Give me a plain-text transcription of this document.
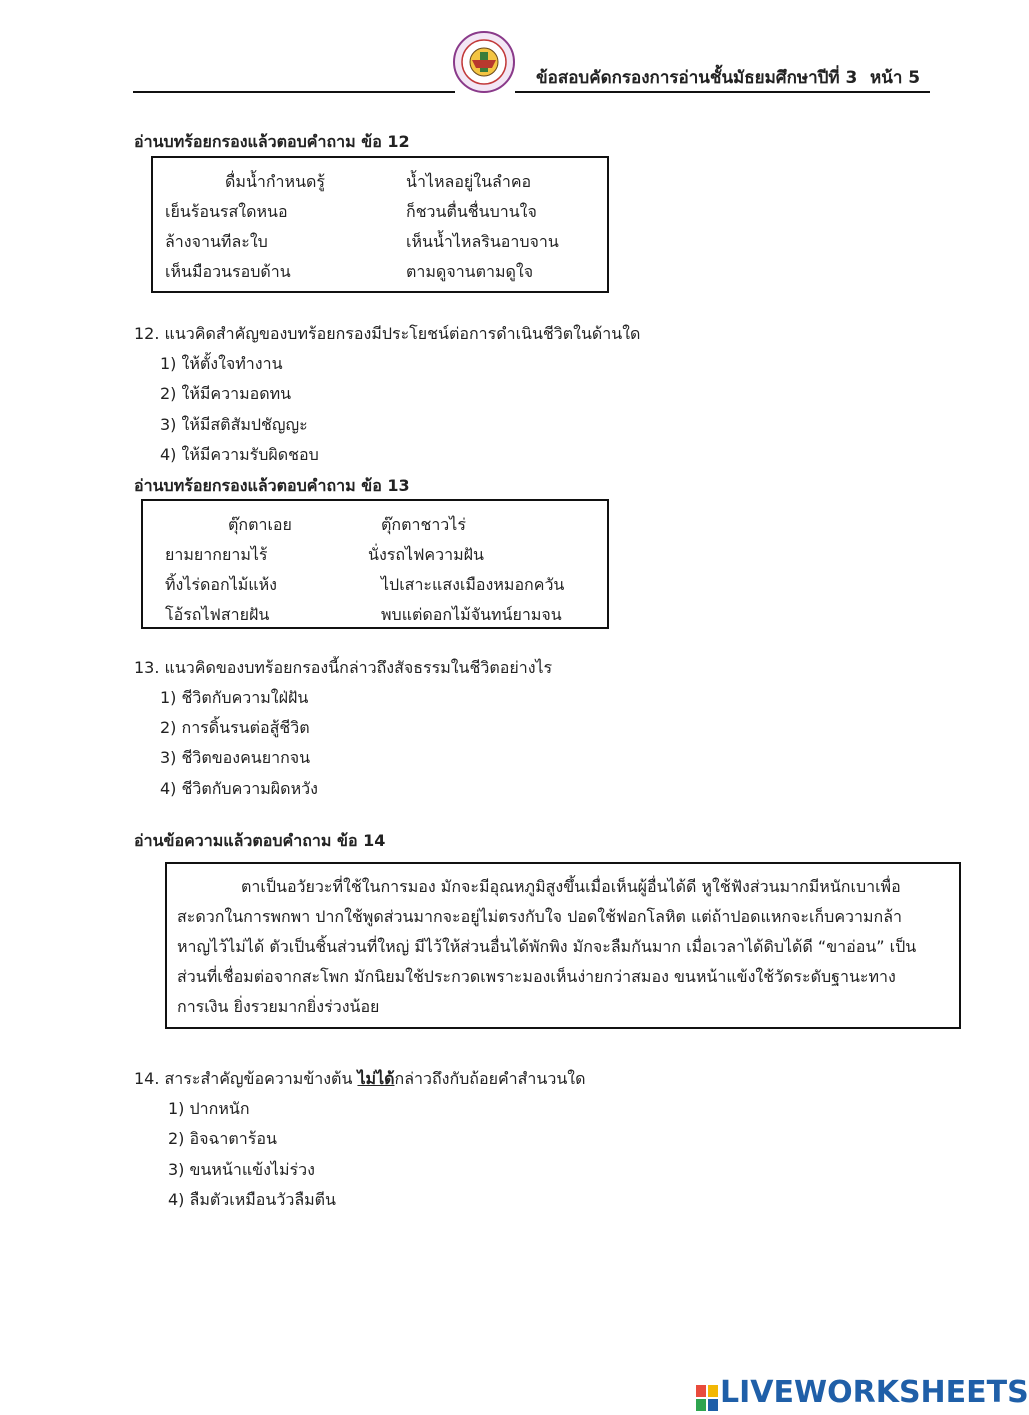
ข้อสอบคัดกรองการอ่านชั้นมัธยมศึกษาปีที่ 3 หน้า 5
อ่านบทร้อยกรองแล้วตอบคำถาม ข้อ 12
ดื่มน้ำกำหนดรู้	น้ำไหลอยู่ในลำคอ
เย็นร้อนรสใดหนอ	ก็ชวนตื่นชื่นบานใจ
ล้างจานทีละใบ	เห็นน้ำไหลรินอาบจาน
เห็นมือวนรอบด้าน	ตามดูจานตามดูใจ
12. แนวคิดสำคัญของบทร้อยกรองมีประโยชน์ต่อการดำเนินชีวิตในด้านใด
1) ให้ตั้งใจทำงาน
2) ให้มีความอดทน
3) ให้มีสติสัมปชัญญะ
4) ให้มีความรับผิดชอบ
อ่านบทร้อยกรองแล้วตอบคำถาม ข้อ 13
ตุ๊กตาเอย	ตุ๊กตาชาวไร่
ยามยากยามไร้	นั่งรถไฟความฝัน
ทิ้งไร่ดอกไม้แห้ง	ไปเสาะแสงเมืองหมอกควัน
โอ้รถไฟสายฝัน	พบแต่ดอกไม้จันทน์ยามจน
13. แนวคิดของบทร้อยกรองนี้กล่าวถึงสัจธรรมในชีวิตอย่างไร
1) ชีวิตกับความใฝ่ฝัน
2) การดิ้นรนต่อสู้ชีวิต
3) ชีวิตของคนยากจน
4) ชีวิตกับความผิดหวัง
อ่านข้อความแล้วตอบคำถาม ข้อ 14
ตาเป็นอวัยวะที่ใช้ในการมอง มักจะมีอุณหภูมิสูงขึ้นเมื่อเห็นผู้อื่นได้ดี หูใช้ฟังส่วนมากมีหนักเบาเพื่อ
สะดวกในการพกพา ปากใช้พูดส่วนมากจะอยู่ไม่ตรงกับใจ ปอดใช้ฟอกโลหิต แต่ถ้าปอดแหกจะเก็บความกล้า
หาญไว้ไม่ได้ ตัวเป็นชิ้นส่วนที่ใหญ่ มีไว้ให้ส่วนอื่นได้พักพิง มักจะลืมกันมาก เมื่อเวลาได้ดิบได้ดี “ขาอ่อน” เป็น
ส่วนที่เชื่อมต่อจากสะโพก มักนิยมใช้ประกวดเพราะมองเห็นง่ายกว่าสมอง ขนหน้าแข้งใช้วัดระดับฐานะทาง
การเงิน ยิ่งรวยมากยิ่งร่วงน้อย
14. สาระสำคัญข้อความข้างต้น ไม่ได้กล่าวถึงกับถ้อยคำสำนวนใด
1) ปากหนัก
2) อิจฉาตาร้อน
3) ขนหน้าแข้งไม่ร่วง
4) ลืมตัวเหมือนวัวลืมตีน
LIVEWORKSHEETS
